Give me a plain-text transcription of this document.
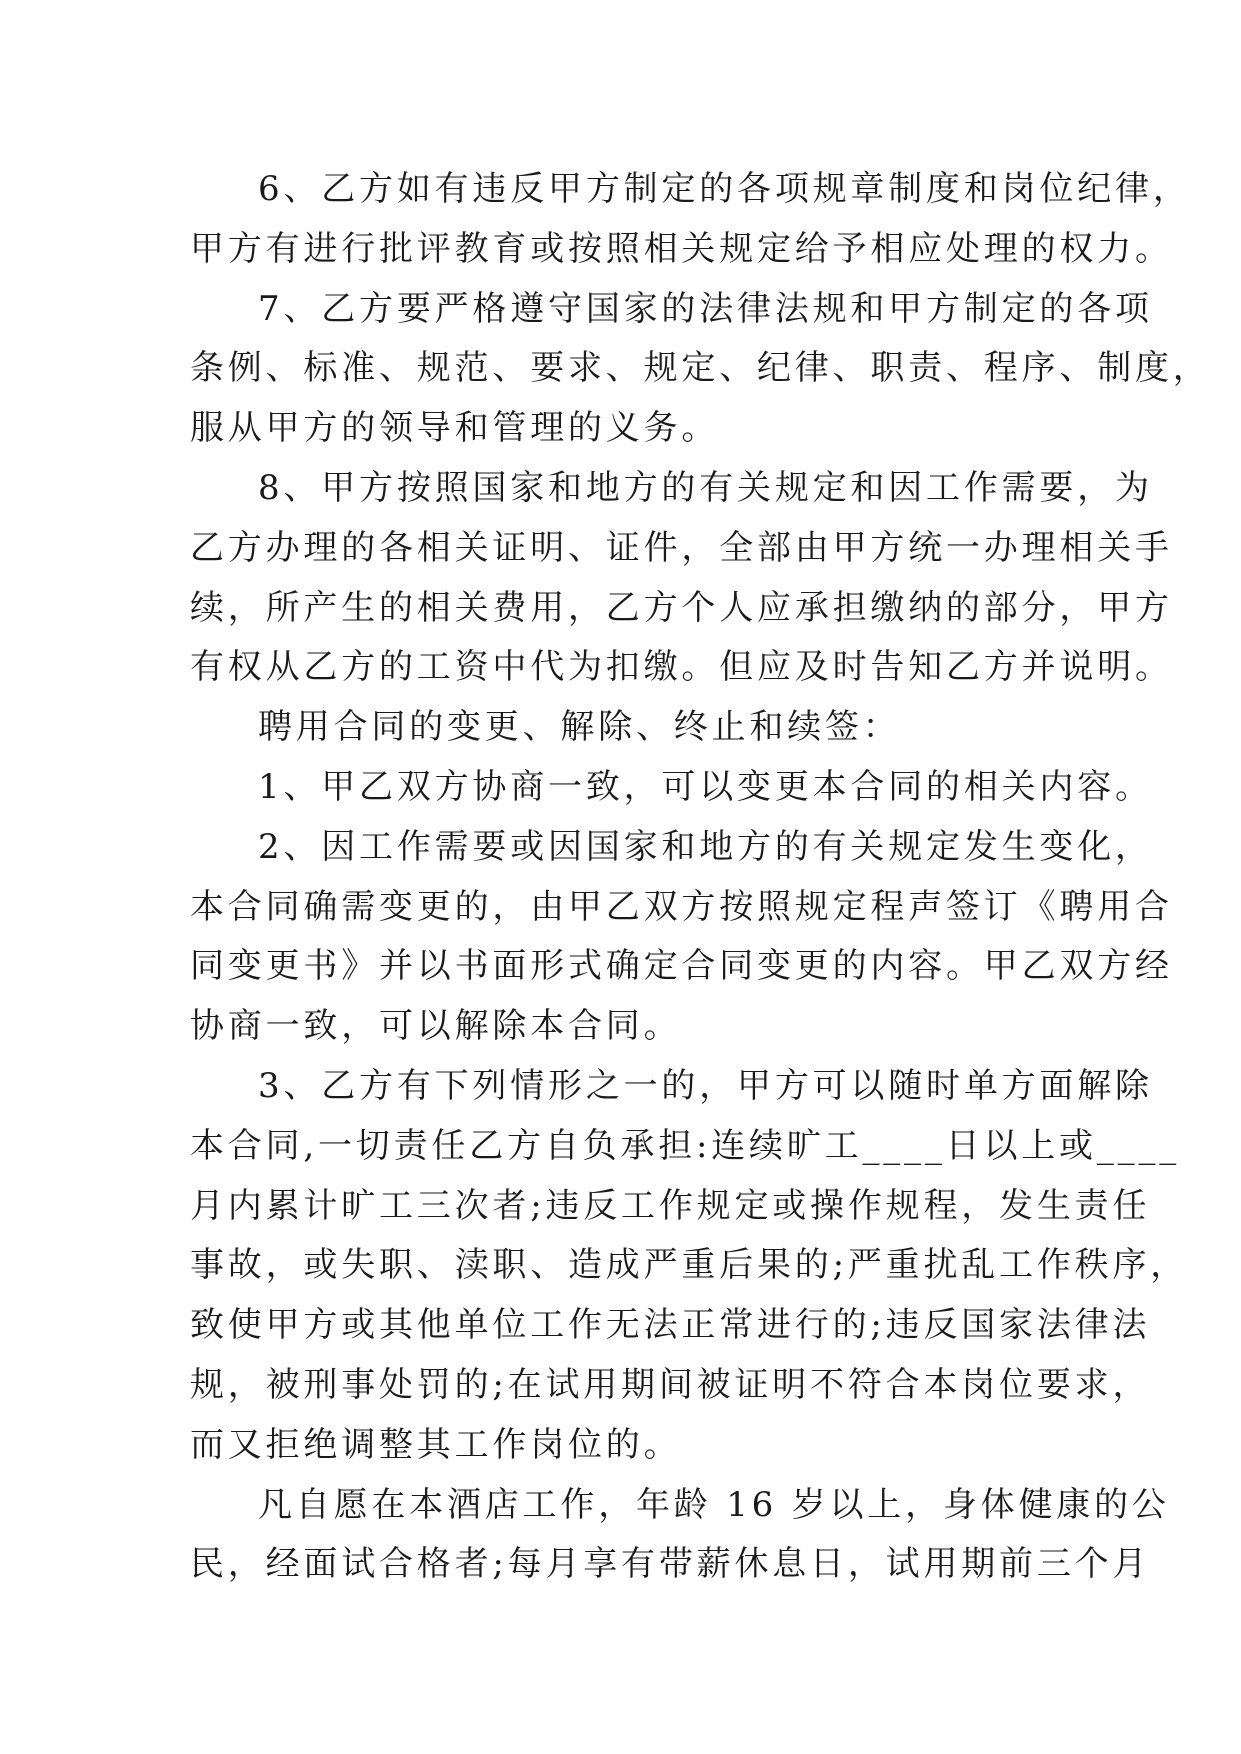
6、乙方如有违反甲方制定的各项规章制度和岗位纪律，
甲方有进行批评教育或按照相关规定给予相应处理的权力。
7、乙方要严格遵守国家的法律法规和甲方制定的各项
条例、标准、规范、要求、规定、纪律、职责、程序、制度，
服从甲方的领导和管理的义务。
8、甲方按照国家和地方的有关规定和因工作需要，为
乙方办理的各相关证明、证件，全部由甲方统一办理相关手
续，所产生的相关费用，乙方个人应承担缴纳的部分，甲方
有权从乙方的工资中代为扣缴。但应及时告知乙方并说明。
聘用合同的变更、解除、终止和续签：
1、甲乙双方协商一致，可以变更本合同的相关内容。
2、因工作需要或因国家和地方的有关规定发生变化，
本合同确需变更的，由甲乙双方按照规定程声签订《聘用合
同变更书》并以书面形式确定合同变更的内容。甲乙双方经
协商一致，可以解除本合同。
3、乙方有下列情形之一的，甲方可以随时单方面解除
本合同,一切责任乙方自负承担:连续旷工____日以上或____
月内累计旷工三次者;违反工作规定或操作规程，发生责任
事故，或失职、渎职、造成严重后果的;严重扰乱工作秩序，
致使甲方或其他单位工作无法正常进行的;违反国家法律法
规，被刑事处罚的;在试用期间被证明不符合本岗位要求，
而又拒绝调整其工作岗位的。
凡自愿在本酒店工作，年龄 16 岁以上，身体健康的公
民，经面试合格者;每月享有带薪休息日，试用期前三个月
